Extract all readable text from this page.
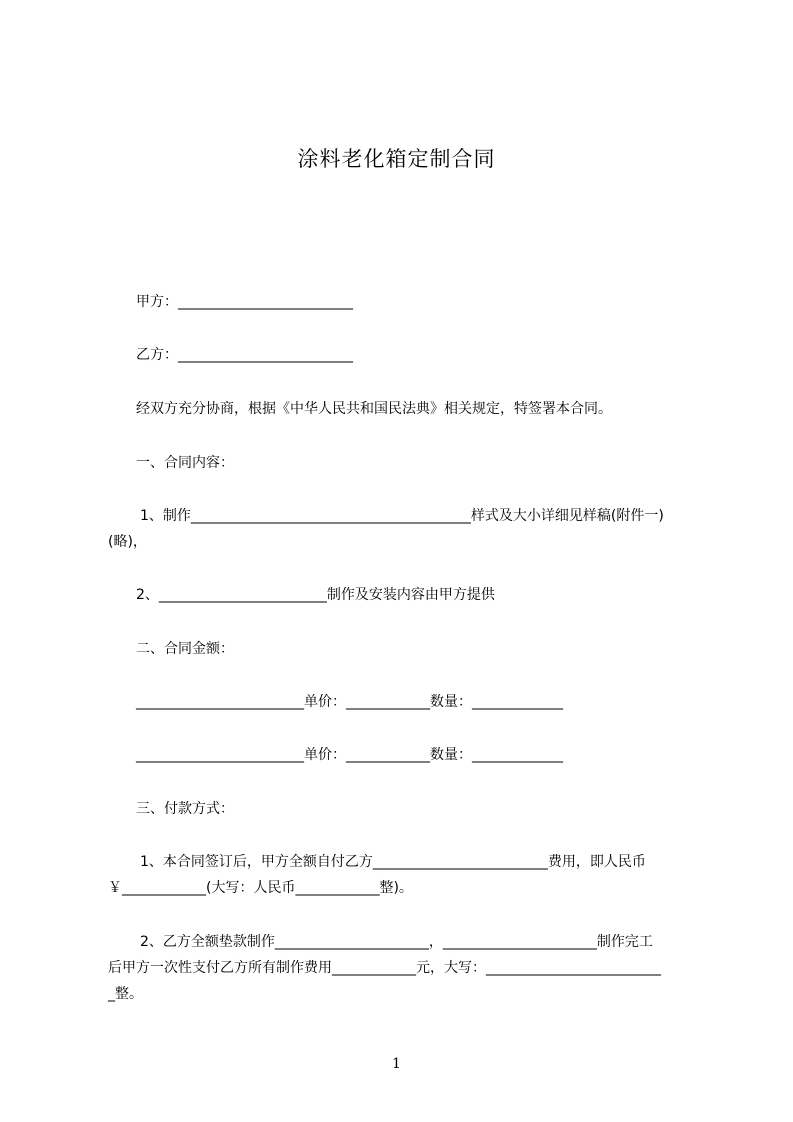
涂料老化箱定制合同
甲方：_________________________
乙方：_________________________
经双方充分协商，根据《中华人民共和国民法典》相关规定，特签署本合同。
一、合同内容：
1、制作________________________________________样式及大小详细见样稿(附件一)
(略)，
2、________________________制作及安装内容由甲方提供
二、合同金额：
________________________单价：____________数量：_____________
________________________单价：____________数量：_____________
三、付款方式：
1、本合同签订后，甲方全额自付乙方_________________________费用，即人民币
￥____________(大写：人民币____________整)。
2、乙方全额垫款制作______________________，______________________制作完工
后甲方一次性支付乙方所有制作费用____________元，大写：_________________________
_整。
1
